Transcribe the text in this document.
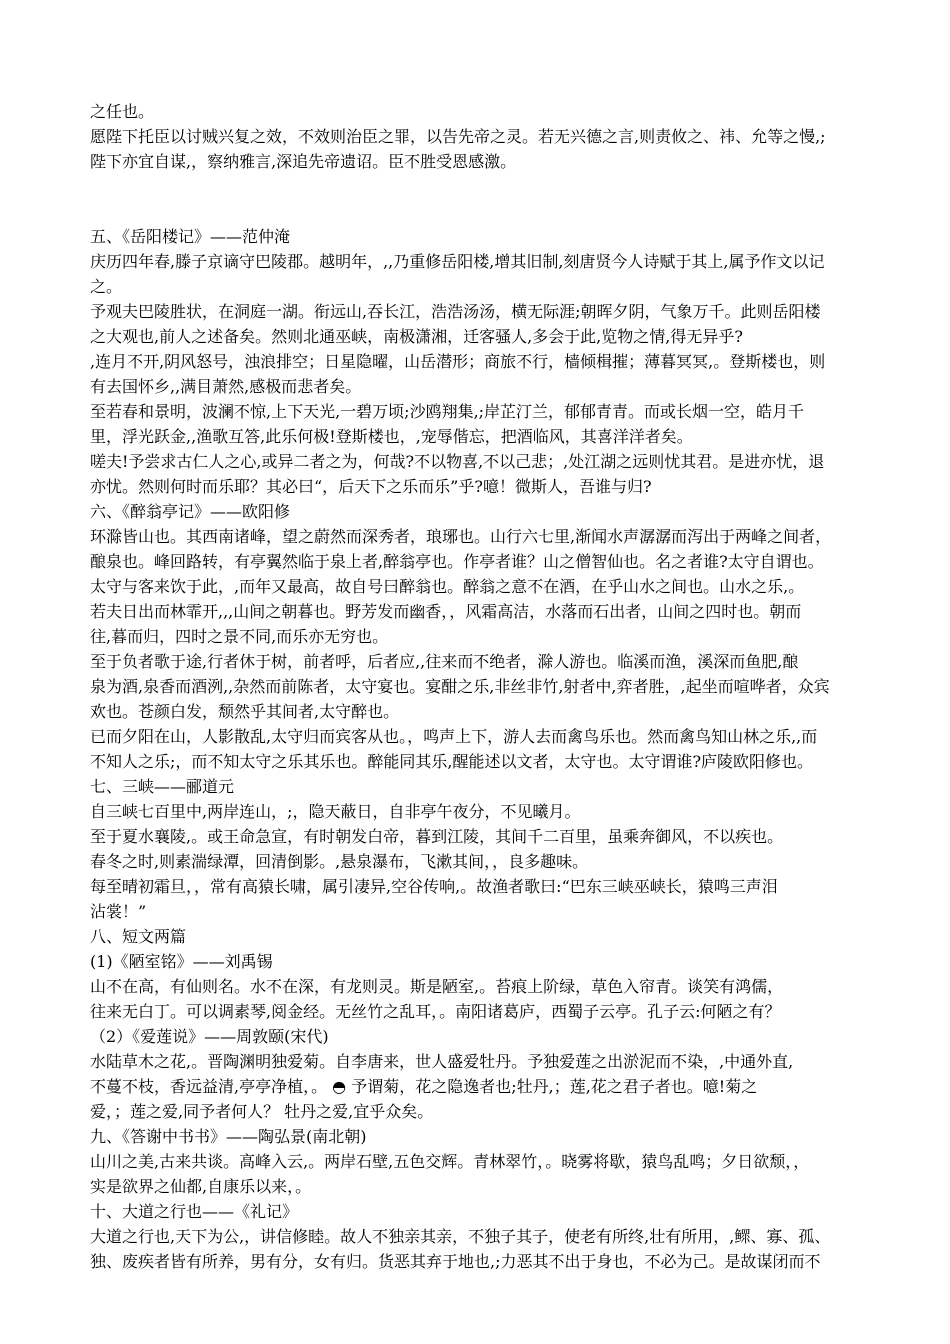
之任也。

愿陛下托臣以讨贼兴复之效，不效则治臣之罪，以告先帝之灵。若无兴德之言,则责攸之、祎、允等之慢,;

陛下亦宜自谋,，察纳雅言,深追先帝遗诏。臣不胜受恩感激。

五、《岳阳楼记》——范仲淹

庆历四年春,滕子京谪守巴陵郡。越明年，,,乃重修岳阳楼,增其旧制,刻唐贤今人诗赋于其上,属予作文以记

之。

予观夫巴陵胜状，在洞庭一湖。衔远山,吞长江，浩浩汤汤，横无际涯;朝晖夕阴，气象万千。此则岳阳楼

之大观也,前人之述备矣。然则北通巫峡，南极潇湘，迁客骚人,多会于此,览物之情,得无异乎?

,连月不开,阴风怒号，浊浪排空；日星隐曜，山岳潜形；商旅不行，樯倾楫摧；薄暮冥冥,。登斯楼也，则

有去国怀乡,,满目萧然,感极而悲者矣。

至若春和景明，波澜不惊,上下天光,一碧万顷;沙鸥翔集,;岸芷汀兰，郁郁青青。而或长烟一空，皓月千

里，浮光跃金,,渔歌互答,此乐何极!登斯楼也，,宠辱偕忘，把酒临风，其喜洋洋者矣。

嗟夫!予尝求古仁人之心,或异二者之为，何哉?不以物喜,不以己悲；,处江湖之远则忧其君。是进亦忧，退

亦忧。然则何时而乐耶？其必曰“，后天下之乐而乐”乎?噫！微斯人，吾谁与归?

六、《醉翁亭记》——欧阳修

环滁皆山也。其西南诸峰，望之蔚然而深秀者，琅琊也。山行六七里,渐闻水声潺潺而泻出于两峰之间者，

酿泉也。峰回路转，有亭翼然临于泉上者,醉翁亭也。作亭者谁？山之僧智仙也。名之者谁?太守自谓也。

太守与客来饮于此，,而年又最高，故自号曰醉翁也。醉翁之意不在酒，在乎山水之间也。山水之乐,。

若夫日出而林霏开,,,山间之朝暮也。野芳发而幽香，，风霜高洁，水落而石出者，山间之四时也。朝而

往,暮而归，四时之景不同,而乐亦无穷也。

至于负者歌于途,行者休于树，前者呼，后者应,,往来而不绝者，滁人游也。临溪而渔，溪深而鱼肥,酿

泉为酒,泉香而酒洌,,杂然而前陈者，太守宴也。宴酣之乐,非丝非竹,射者中,弈者胜，,起坐而喧哗者，众宾

欢也。苍颜白发，颓然乎其间者,太守醉也。

已而夕阳在山，人影散乱,太守归而宾客从也。，鸣声上下，游人去而禽鸟乐也。然而禽鸟知山林之乐,,而

不知人之乐;，而不知太守之乐其乐也。醉能同其乐,醒能述以文者，太守也。太守谓谁?庐陵欧阳修也。

七、三峡——郦道元

自三峡七百里中,两岸连山，;，隐天蔽日，自非亭午夜分，不见曦月。

至于夏水襄陵,。或王命急宣，有时朝发白帝，暮到江陵，其间千二百里，虽乘奔御风，不以疾也。

春冬之时,则素湍绿潭，回清倒影。,悬泉瀑布，飞漱其间，，良多趣味。

每至晴初霜旦，，常有高猿长啸，属引凄异,空谷传响,。故渔者歌曰:“巴东三峡巫峡长，猿鸣三声泪

沾裳！”

八、短文两篇

(1)《陋室铭》——刘禹锡

山不在高，有仙则名。水不在深，有龙则灵。斯是陋室,。苔痕上阶绿，草色入帘青。谈笑有鸿儒，

往来无白丁。可以调素琴,阅金经。无丝竹之乱耳，。南阳诸葛庐，西蜀子云亭。孔子云:何陋之有？

（2）《爱莲说》——周敦颐(宋代)

水陆草木之花,。晋陶渊明独爱菊。自李唐来，世人盛爱牡丹。予独爱莲之出淤泥而不染，,中通外直,

不蔓不枝，香远益清,亭亭净植，。 ◓ 予谓菊，花之隐逸者也;牡丹,；莲,花之君子者也。噫!菊之

爱，；莲之爱,同予者何人？ 牡丹之爱,宜乎众矣。

九、《答谢中书书》——陶弘景(南北朝)

山川之美,古来共谈。高峰入云,。两岸石壁,五色交辉。青林翠竹，。晓雾将歇，猿鸟乱鸣；夕日欲颓，，

实是欲界之仙都,自康乐以来，。

十、大道之行也——《礼记》

大道之行也,天下为公,，讲信修睦。故人不独亲其亲，不独子其子，使老有所终,壮有所用，,鳏、寡、孤、

独、废疾者皆有所养，男有分，女有归。货恶其弃于地也,;力恶其不出于身也，不必为己。是故谋闭而不
